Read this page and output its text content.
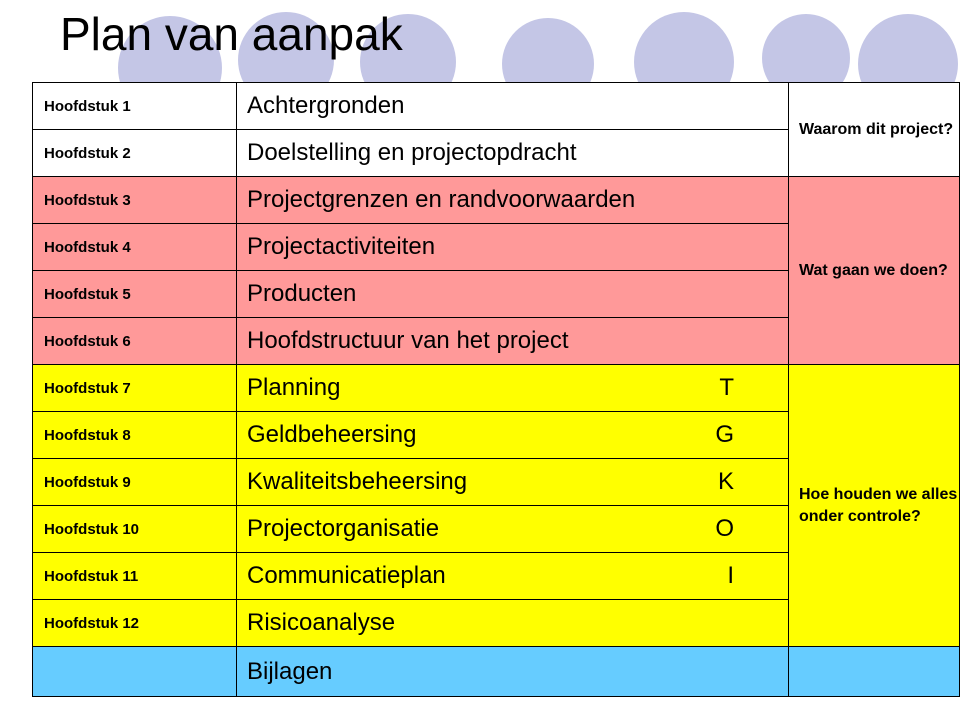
Plan van aanpak
Hoofdstuk 1	Achtergronden	Waarom dit project?
Hoofdstuk 2	Doelstelling en projectopdracht	

Hoofdstuk 3	Projectgrenzen en randvoorwaarden	Wat gaan we doen?
Hoofdstuk 4	Projectactiviteiten	

Hoofdstuk 5	Producten	

Hoofdstuk 6	Hoofdstructuur van het project	

Hoofdstuk 7	Planning T	Hoe houden we alles onder controle?
Hoofdstuk 8	Geldbeheersing G	

Hoofdstuk 9	Kwaliteitsbeheersing K	

Hoofdstuk 10	Projectorganisatie O	

Hoofdstuk 11	Communicatieplan I	

Hoofdstuk 12	Risicoanalyse	

	Bijlagen	
